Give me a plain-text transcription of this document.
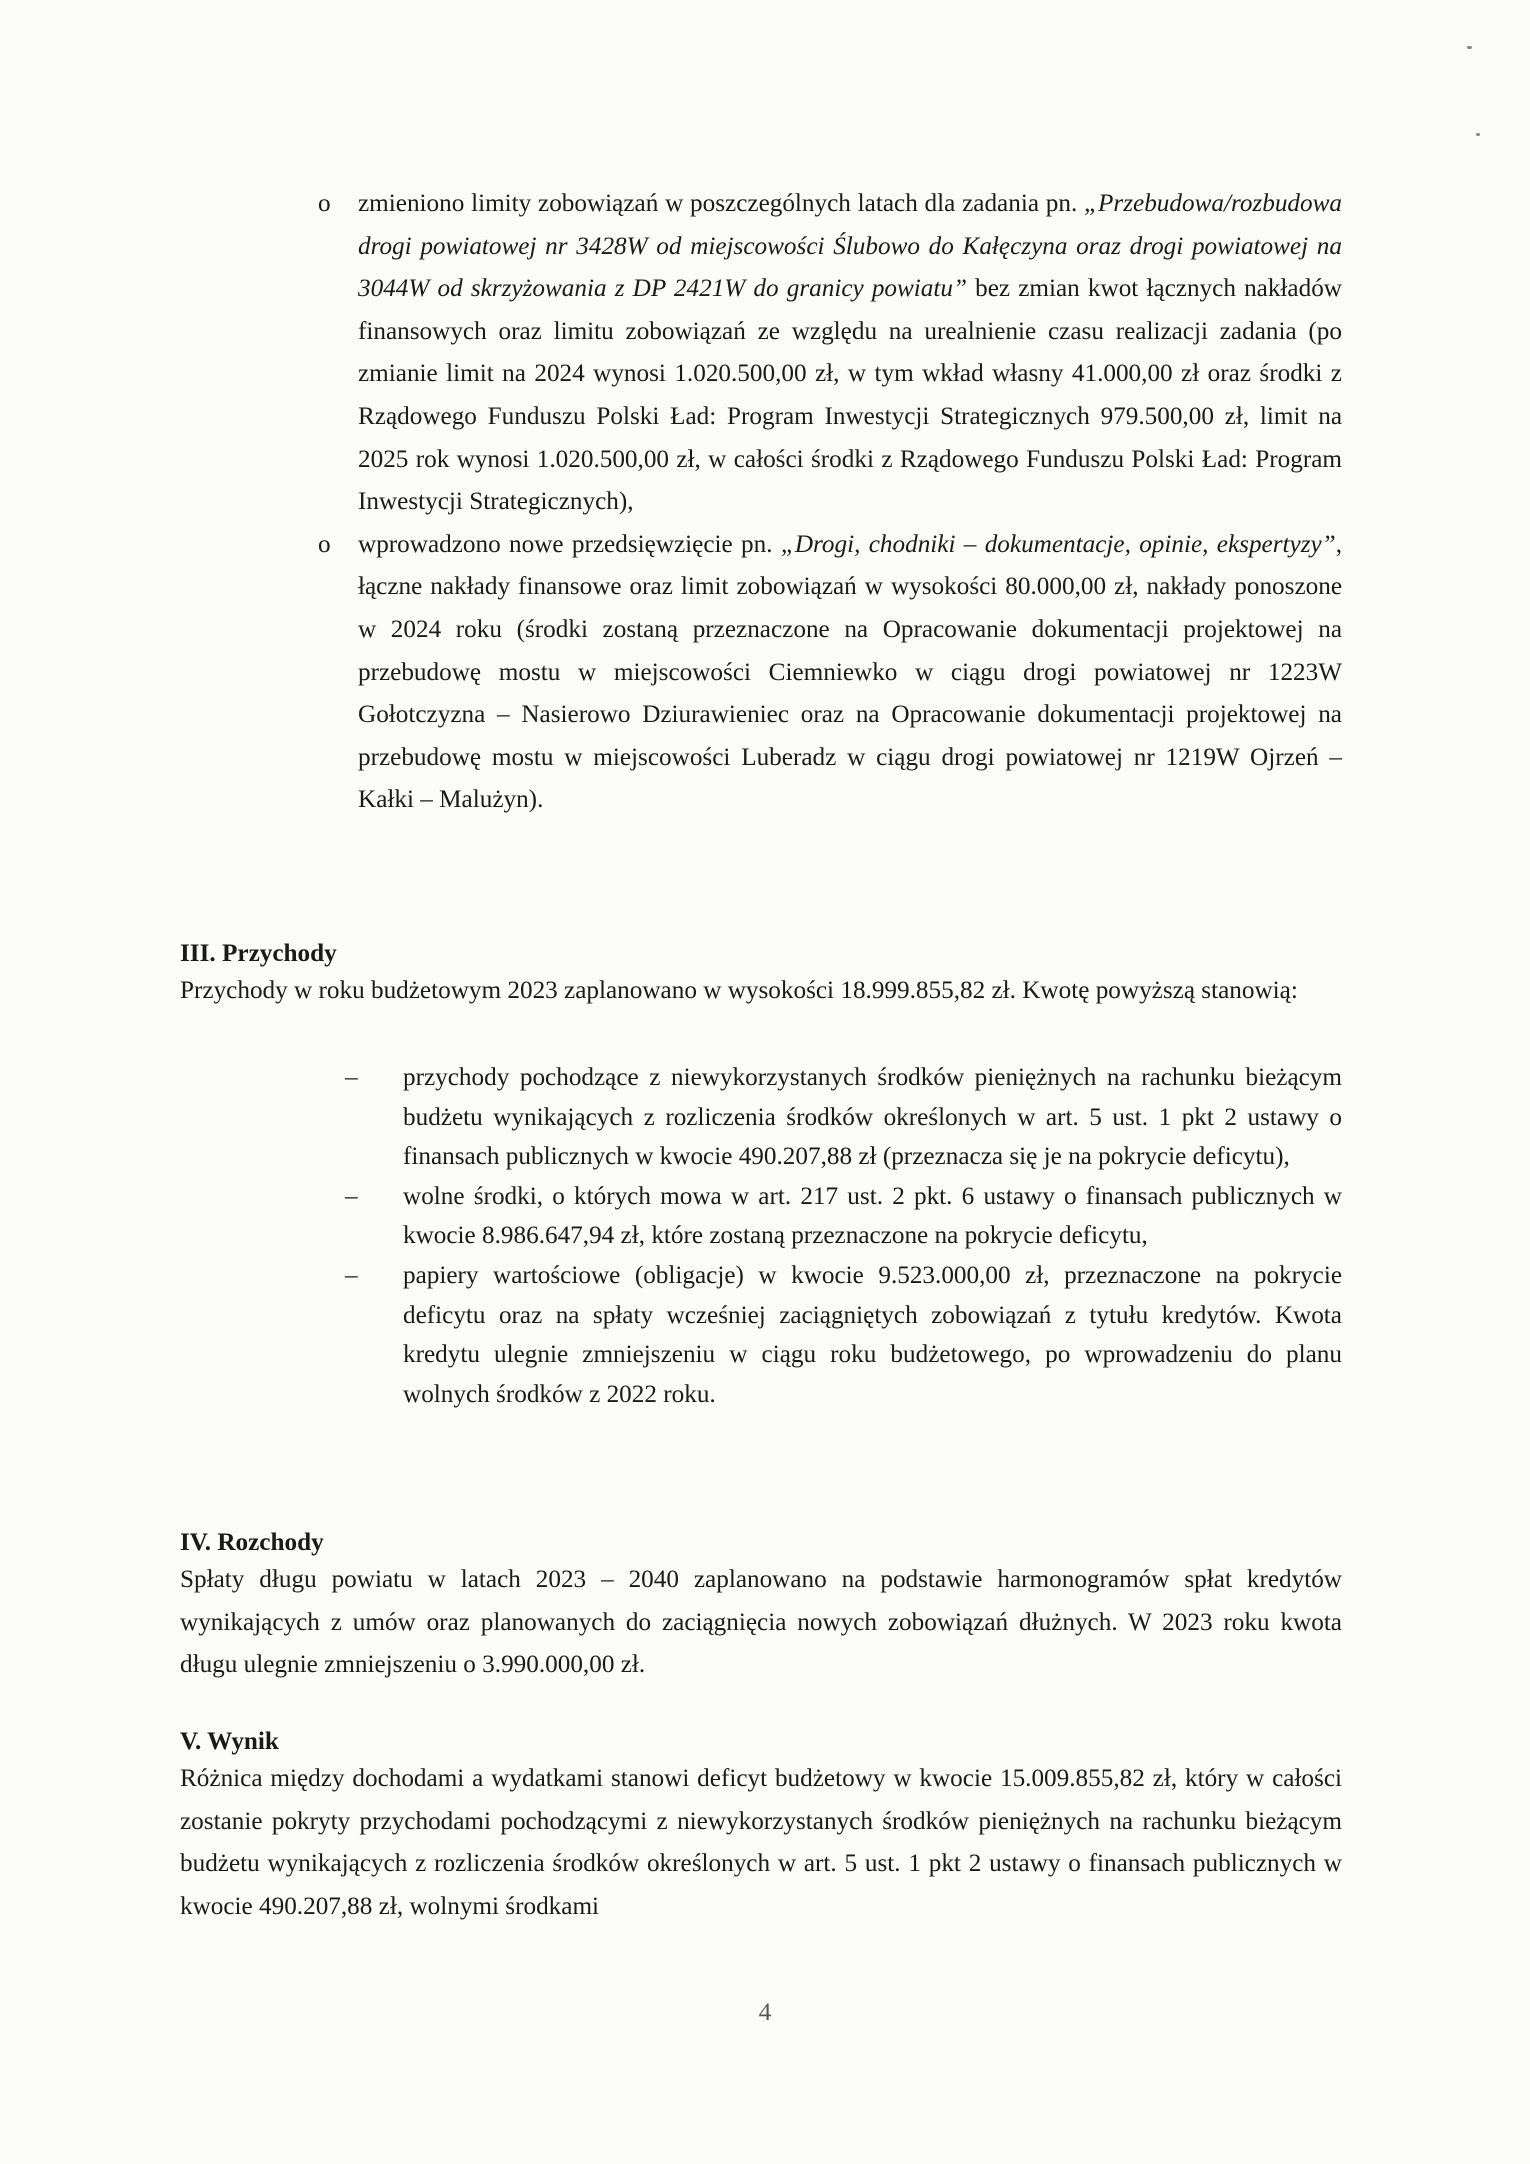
o zmieniono limity zobowiązań w poszczególnych latach dla zadania pn. „Przebudowa/rozbudowa drogi powiatowej nr 3428W od miejscowości Ślubowo do Kałęczyna oraz drogi powiatowej na 3044W od skrzyżowania z DP 2421W do granicy powiatu” bez zmian kwot łącznych nakładów finansowych oraz limitu zobowiązań ze względu na urealnienie czasu realizacji zadania (po zmianie limit na 2024 wynosi 1.020.500,00 zł, w tym wkład własny 41.000,00 zł oraz środki z Rządowego Funduszu Polski Ład: Program Inwestycji Strategicznych 979.500,00 zł, limit na 2025 rok wynosi 1.020.500,00 zł, w całości środki z Rządowego Funduszu Polski Ład: Program Inwestycji Strategicznych),
o wprowadzono nowe przedsięwzięcie pn. „Drogi, chodniki – dokumentacje, opinie, ekspertyzy”, łączne nakłady finansowe oraz limit zobowiązań w wysokości 80.000,00 zł, nakłady ponoszone w 2024 roku (środki zostaną przeznaczone na Opracowanie dokumentacji projektowej na przebudowę mostu w miejscowości Ciemniewko w ciągu drogi powiatowej nr 1223W Gołotczyzna – Nasierowo Dziurawieniec oraz na Opracowanie dokumentacji projektowej na przebudowę mostu w miejscowości Luberadz w ciągu drogi powiatowej nr 1219W Ojrzeń – Kałki – Malużyn).
III. Przychody

Przychody w roku budżetowym 2023 zaplanowano w wysokości 18.999.855,82 zł. Kwotę powyższą stanowią:

– przychody pochodzące z niewykorzystanych środków pieniężnych na rachunku bieżącym budżetu wynikających z rozliczenia środków określonych w art. 5 ust. 1 pkt 2 ustawy o finansach publicznych w kwocie 490.207,88 zł (przeznacza się je na pokrycie deficytu),
– wolne środki, o których mowa w art. 217 ust. 2 pkt. 6 ustawy o finansach publicznych w kwocie 8.986.647,94 zł, które zostaną przeznaczone na pokrycie deficytu,
– papiery wartościowe (obligacje) w kwocie 9.523.000,00 zł, przeznaczone na pokrycie deficytu oraz na spłaty wcześniej zaciągniętych zobowiązań z tytułu kredytów. Kwota kredytu ulegnie zmniejszeniu w ciągu roku budżetowego, po wprowadzeniu do planu wolnych środków z 2022 roku.
IV. Rozchody

Spłaty długu powiatu w latach 2023 – 2040 zaplanowano na podstawie harmonogramów spłat kredytów wynikających z umów oraz planowanych do zaciągnięcia nowych zobowiązań dłużnych. W 2023 roku kwota długu ulegnie zmniejszeniu o 3.990.000,00 zł.

V. Wynik

Różnica między dochodami a wydatkami stanowi deficyt budżetowy w kwocie 15.009.855,82 zł, który w całości zostanie pokryty przychodami pochodzącymi z niewykorzystanych środków pieniężnych na rachunku bieżącym budżetu wynikających z rozliczenia środków określonych w art. 5 ust. 1 pkt 2 ustawy o finansach publicznych w kwocie 490.207,88 zł, wolnymi środkami

4
